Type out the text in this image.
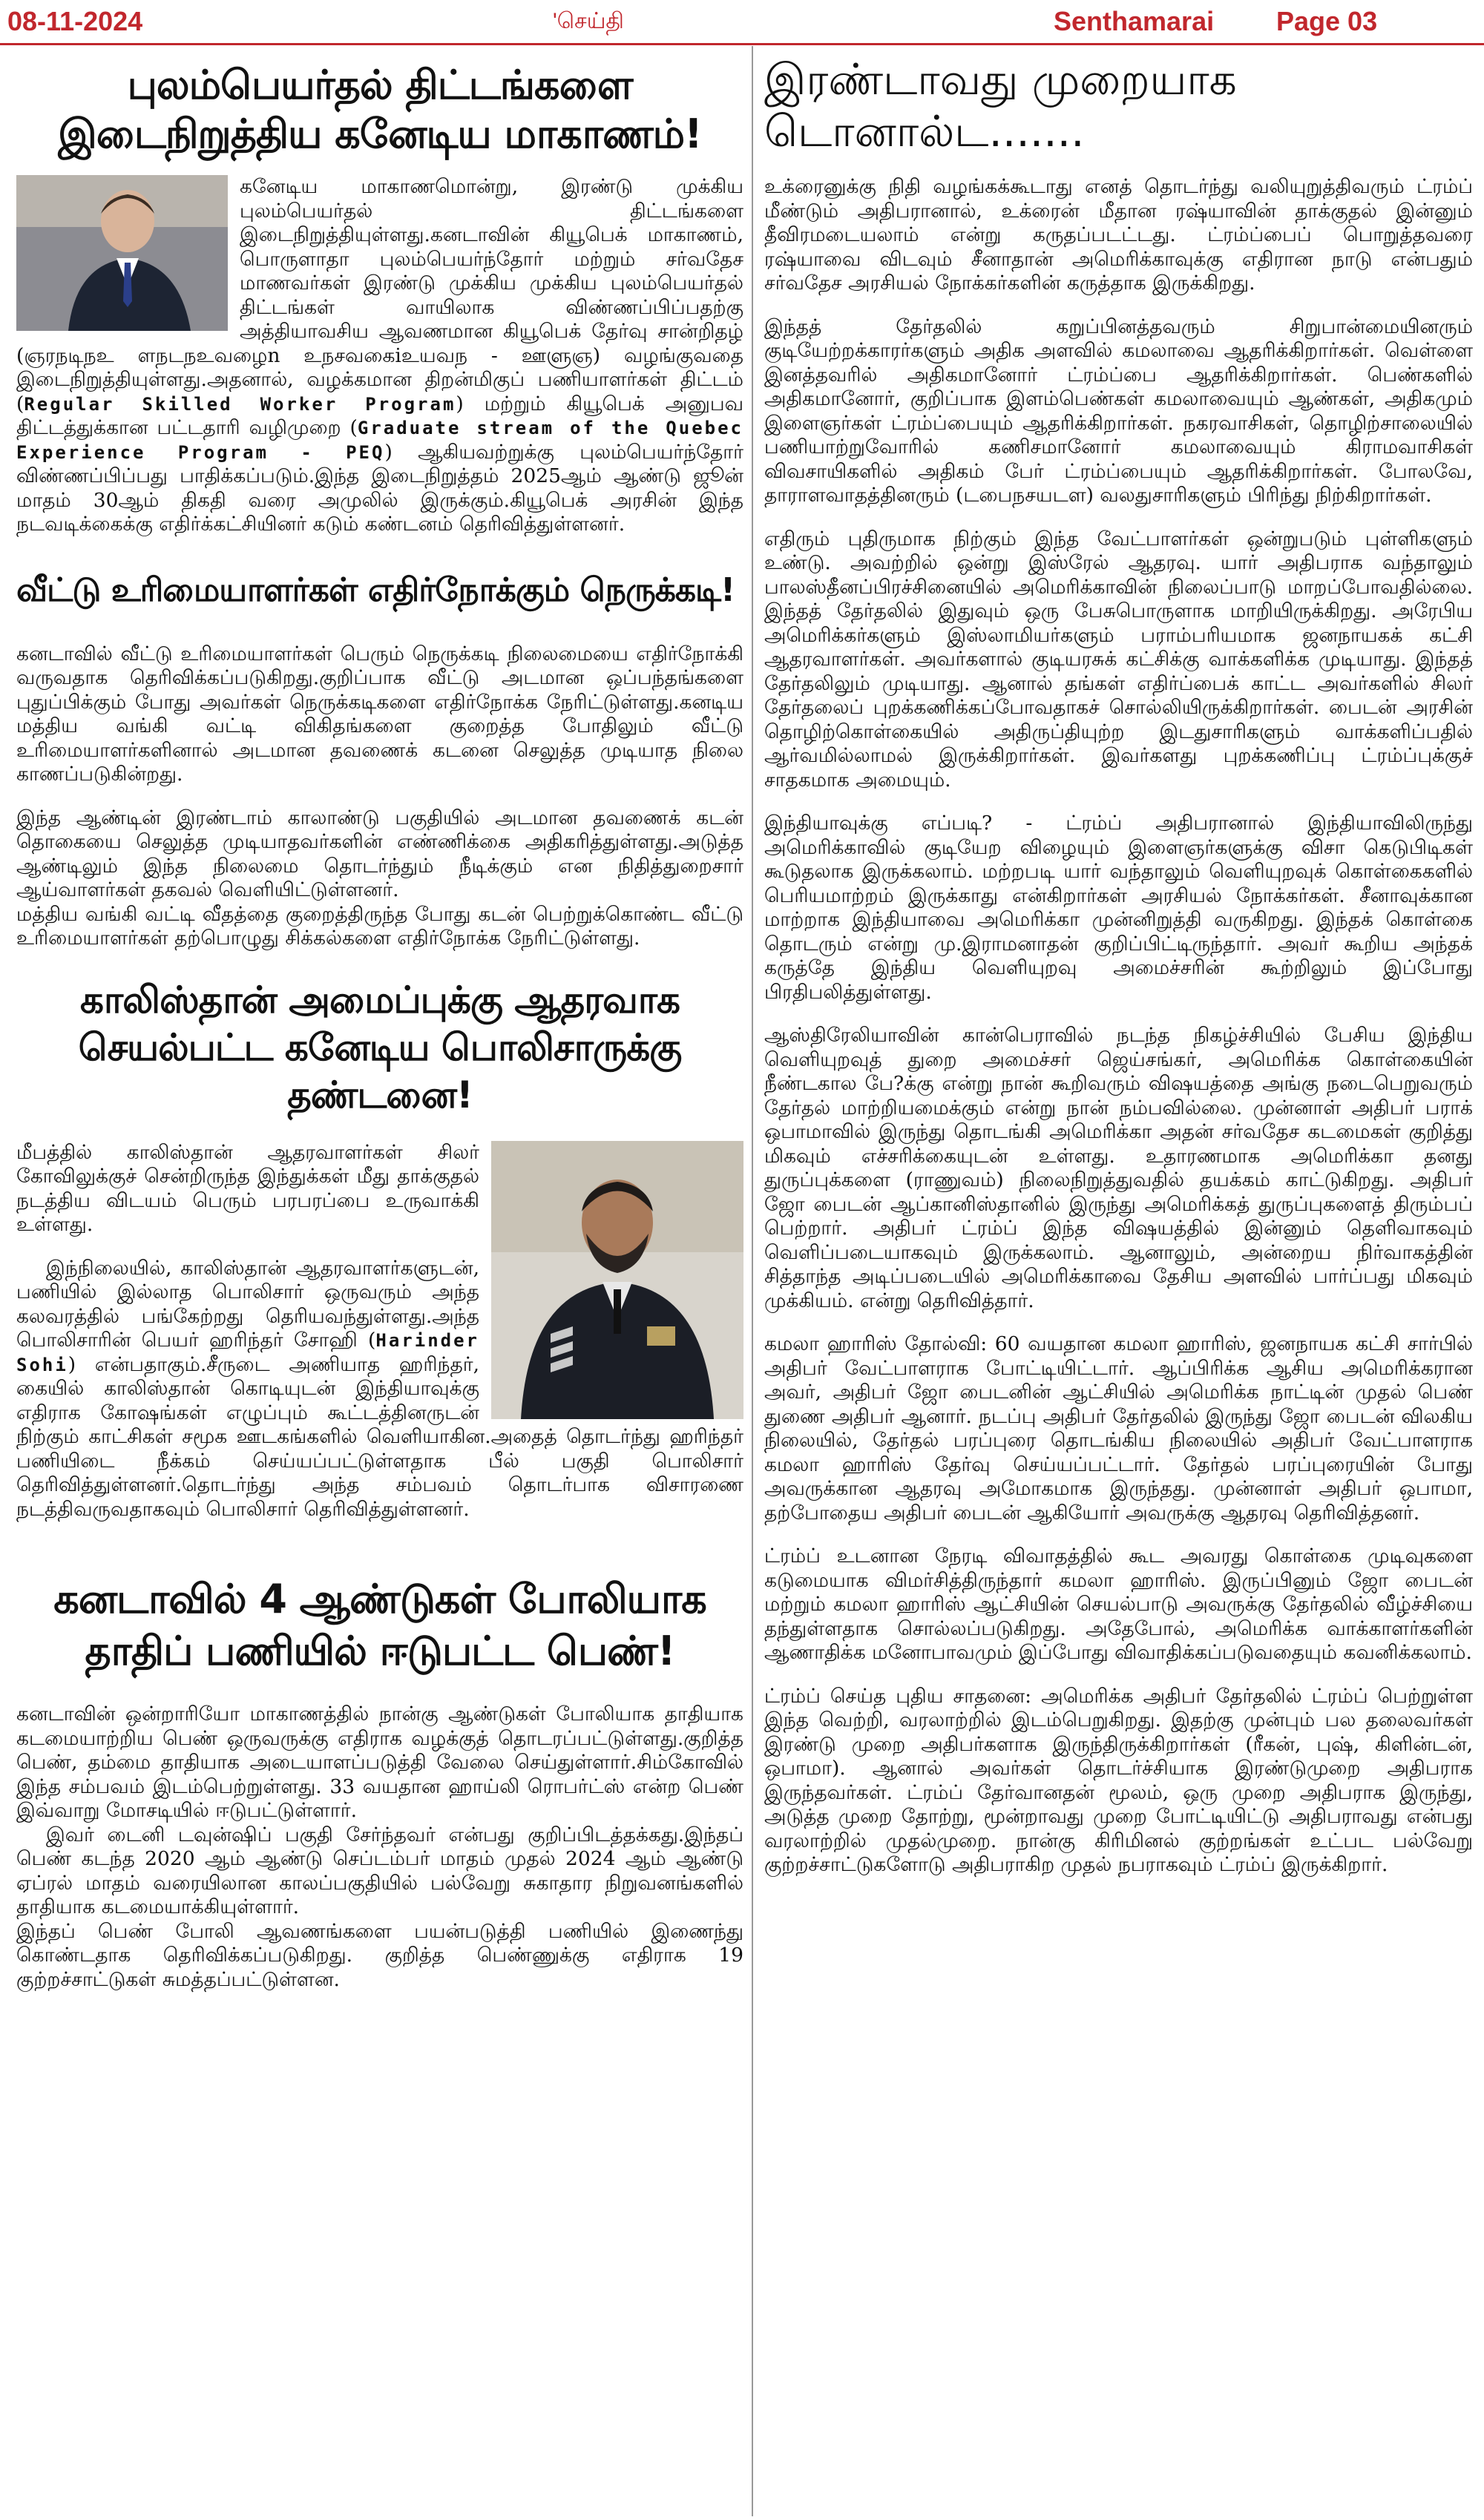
08-11-2024	'செய்தி	Senthamarai Page 03
புலம்பெயர்தல் திட்டங்களை
இடைநிறுத்திய கனேடிய மாகாணம்!

கனேடிய மாகாணமொன்று, இரண்டு முக்கிய புலம்பெயர்தல் திட்டங்களை இடைநிறுத்தியுள்ளது.கனடாவின் கியூபெக் மாகாணம், பொருளாதா புலம்பெயர்ந்தோர் மற்றும் சர்வதேச மாணவர்கள் இரண்டு முக்கிய முக்கிய புலம்பெயர்தல் திட்டங்கள் வாயிலாக விண்ணப்பிப்பதற்கு அத்தியாவசிய ஆவணமான கியூபெக் தேர்வு சான்றிதழ் (ஞரநடிநஉ ளநடநஉவழைn உநசவகைiஉயவந - ஊளுஞ) வழங்குவதை இடைநிறுத்தியுள்ளது.அதனால், வழக்கமான திறன்மிகுப் பணியாளர்கள் திட்டம் (Regular Skilled Worker Program) மற்றும் கியூபெக் அனுபவ திட்டத்துக்கான பட்டதாரி வழிமுறை (Graduate stream of the Quebec Experience Program - PEQ) ஆகியவற்றுக்கு புலம்பெயர்ந்தோர் விண்ணப்பிப்பது பாதிக்கப்படும்.இந்த இடைநிறுத்தம் 2025ஆம் ஆண்டு ஜூன் மாதம் 30ஆம் திகதி வரை அமுலில் இருக்கும்.கியூபெக் அரசின் இந்த நடவடிக்கைக்கு எதிர்க்கட்சியினர் கடும் கண்டனம் தெரிவித்துள்ளனர்.

வீட்டு உரிமையாளர்கள் எதிர்நோக்கும் நெருக்கடி!

கனடாவில் வீட்டு உரிமையாளர்கள் பெரும் நெருக்கடி நிலைமையை எதிர்நோக்கி வருவதாக தெரிவிக்கப்படுகிறது.குறிப்பாக வீட்டு அடமான ஒப்பந்தங்களை புதுப்பிக்கும் போது அவர்கள் நெருக்கடிகளை எதிர்நோக்க நேரிட்டுள்ளது.கனடிய மத்திய வங்கி வட்டி விகிதங்களை குறைத்த போதிலும் வீட்டு உரிமையாளர்களினால் அடமான தவணைக் கடனை செலுத்த முடியாத நிலை காணப்படுகின்றது.

இந்த ஆண்டின் இரண்டாம் காலாண்டு பகுதியில் அடமான தவணைக் கடன் தொகையை செலுத்த முடியாதவர்களின் எண்ணிக்கை அதிகரித்துள்ளது.அடுத்த ஆண்டிலும் இந்த நிலைமை தொடர்ந்தும் நீடிக்கும் என நிதித்துறைசார் ஆய்வாளர்கள் தகவல் வெளியிட்டுள்ளனர்.

மத்திய வங்கி வட்டி வீதத்தை குறைத்திருந்த போது கடன் பெற்றுக்கொண்ட வீட்டு உரிமையாளர்கள் தற்பொழுது சிக்கல்களை எதிர்நோக்க நேரிட்டுள்ளது.

காலிஸ்தான் அமைப்புக்கு ஆதரவாக
செயல்பட்ட கனேடிய பொலிசாருக்கு தண்டனை!

மீபத்தில் காலிஸ்தான் ஆதரவாளர்கள் சிலர் கோவிலுக்குச் சென்றிருந்த இந்துக்கள் மீது தாக்குதல் நடத்திய விடயம் பெரும் பரபரப்பை உருவாக்கி உள்ளது.

இந்நிலையில், காலிஸ்தான் ஆதரவாளர்களுடன், பணியில் இல்லாத பொலிசார் ஒருவரும் அந்த கலவரத்தில் பங்கேற்றது தெரியவந்துள்ளது.அந்த பொலிசாரின் பெயர் ஹரிந்தர் சோஹி (Harinder Sohi) என்பதாகும்.சீருடை அணியாத ஹரிந்தர், கையில் காலிஸ்தான் கொடியுடன் இந்தியாவுக்கு எதிராக கோஷங்கள் எழுப்பும் கூட்டத்தினருடன் நிற்கும் காட்சிகள் சமூக ஊடகங்களில் வெளியாகின.அதைத் தொடர்ந்து ஹரிந்தர் பணியிடை நீக்கம் செய்யப்பட்டுள்ளதாக பீல் பகுதி பொலிசார் தெரிவித்துள்ளனர்.தொடர்ந்து அந்த சம்பவம் தொடர்பாக விசாரணை நடத்திவருவதாகவும் பொலிசார் தெரிவித்துள்ளனர்.

கனடாவில் 4 ஆண்டுகள் போலியாக
தாதிப் பணியில் ஈடுபட்ட பெண்!

கனடாவின் ஒன்றாரியோ மாகாணத்தில் நான்கு ஆண்டுகள் போலியாக தாதியாக கடமையாற்றிய பெண் ஒருவருக்கு எதிராக வழக்குத் தொடரப்பட்டுள்ளது.குறித்த பெண், தம்மை தாதியாக அடையாளப்படுத்தி வேலை செய்துள்ளார்.சிம்கோவில் இந்த சம்பவம் இடம்பெற்றுள்ளது. 33 வயதான ஹாய்லி ரொபர்ட்ஸ் என்ற பெண் இவ்வாறு மோசடியில் ஈடுபட்டுள்ளார்.

இவர் டைனி டவுன்ஷிப் பகுதி சேர்ந்தவர் என்பது குறிப்பிடத்தக்கது.இந்தப் பெண் கடந்த 2020 ஆம் ஆண்டு செப்டம்பர் மாதம் முதல் 2024 ஆம் ஆண்டு ஏப்ரல் மாதம் வரையிலான காலப்பகுதியில் பல்வேறு சுகாதார நிறுவனங்களில் தாதியாக கடமையாக்கியுள்ளார்.

இந்தப் பெண் போலி ஆவணங்களை பயன்படுத்தி பணியில் இணைந்து கொண்டதாக தெரிவிக்கப்படுகிறது. குறித்த பெண்ணுக்கு எதிராக 19 குற்றச்சாட்டுகள் சுமத்தப்பட்டுள்ளன.

இரண்டாவது முறையாக டொனால்ட.......

உக்ரைனுக்கு நிதி வழங்கக்கூடாது எனத் தொடர்ந்து வலியுறுத்திவரும் ட்ரம்ப் மீண்டும் அதிபரானால், உக்ரைன் மீதான ரஷ்யாவின் தாக்குதல் இன்னும் தீவிரமடையலாம் என்று கருதப்படட்டது. ட்ரம்ப்பைப் பொறுத்தவரை ரஷ்யாவை விடவும் சீனாதான் அமெரிக்காவுக்கு எதிரான நாடு என்பதும் சர்வதேச அரசியல் நோக்கர்களின் கருத்தாக இருக்கிறது.

இந்தத் தேர்தலில் கறுப்பினத்தவரும் சிறுபான்மையினரும் குடியேற்றக்காரர்களும் அதிக அளவில் கமலாவை ஆதரிக்கிறார்கள். வெள்ளை இனத்தவரில் அதிகமானோர் ட்ரம்ப்பை ஆதரிக்கிறார்கள். பெண்களில் அதிகமானோர், குறிப்பாக இளம்பெண்கள் கமலாவையும் ஆண்கள், அதிகமும் இளைஞர்கள் ட்ரம்ப்பையும் ஆதரிக்கிறார்கள். நகரவாசிகள், தொழிற்சாலையில் பணியாற்றுவோரில் கணிசமானோர் கமலாவையும் கிராமவாசிகள் விவசாயிகளில் அதிகம் பேர் ட்ரம்ப்பையும் ஆதரிக்கிறார்கள். போலவே, தாராளவாதத்தினரும் (டபைநசயடள) வலதுசாரிகளும் பிரிந்து நிற்கிறார்கள்.

எதிரும் புதிருமாக நிற்கும் இந்த வேட்பாளர்கள் ஒன்றுபடும் புள்ளிகளும் உண்டு. அவற்றில் ஒன்று இஸ்ரேல் ஆதரவு. யார் அதிபராக வந்தாலும் பாலஸ்தீனப்பிரச்சினையில் அமெரிக்காவின் நிலைப்பாடு மாறப்போவதில்லை. இந்தத் தேர்தலில் இதுவும் ஒரு பேசுபொருளாக மாறியிருக்கிறது. அரேபிய அமெரிக்கர்களும் இஸ்லாமியர்களும் பராம்பரியமாக ஜனநாயகக் கட்சி ஆதரவாளர்கள். அவர்களால் குடியரசுக் கட்சிக்கு வாக்களிக்க முடியாது. இந்தத் தேர்தலிலும் முடியாது. ஆனால் தங்கள் எதிர்ப்பைக் காட்ட அவர்களில் சிலர் தேர்தலைப் புறக்கணிக்கப்போவதாகச் சொல்லியிருக்கிறார்கள். பைடன் அரசின் தொழிற்கொள்கையில் அதிருப்தியுற்ற இடதுசாரிகளும் வாக்களிப்பதில் ஆர்வமில்லாமல் இருக்கிறார்கள். இவர்களது புறக்கணிப்பு ட்ரம்ப்புக்குச் சாதகமாக அமையும்.

இந்தியாவுக்கு எப்படி? - ட்ரம்ப் அதிபரானால் இந்தியாவிலிருந்து அமெரிக்காவில் குடியேற விழையும் இளைஞர்களுக்கு விசா கெடுபிடிகள் கூடுதலாக இருக்கலாம். மற்றபடி யார் வந்தாலும் வெளியுறவுக் கொள்கைகளில் பெரியமாற்றம் இருக்காது என்கிறார்கள் அரசியல் நோக்கர்கள். சீனாவுக்கான மாற்றாக இந்தியாவை அமெரிக்கா முன்னிறுத்தி வருகிறது. இந்தக் கொள்கை தொடரும் என்று மு.இராமனாதன் குறிப்பிட்டிருந்தார். அவர் கூறிய அந்தக் கருத்தே இந்திய வெளியுறவு அமைச்சரின் கூற்றிலும் இப்போது பிரதிபலித்துள்ளது.

ஆஸ்திரேலியாவின் கான்பெராவில் நடந்த நிகழ்ச்சியில் பேசிய இந்திய வெளியுறவுத் துறை அமைச்சர் ஜெய்சங்கர், அமெரிக்க கொள்கையின் நீண்டகால பே?க்கு என்று நான் கூறிவரும் விஷயத்தை அங்கு நடைபெறுவரும் தேர்தல் மாற்றியமைக்கும் என்று நான் நம்பவில்லை. முன்னாள் அதிபர் பராக் ஒபாமாவில் இருந்து தொடங்கி அமெரிக்கா அதன் சர்வதேச கடமைகள் குறித்து மிகவும் எச்சரிக்கையுடன் உள்ளது. உதாரணமாக அமெரிக்கா தனது துருப்புக்களை (ராணுவம்) நிலைநிறுத்துவதில் தயக்கம் காட்டுகிறது. அதிபர் ஜோ பைடன் ஆப்கானிஸ்தானில் இருந்து அமெரிக்கத் துருப்புகளைத் திரும்பப் பெற்றார். அதிபர் ட்ரம்ப் இந்த விஷயத்தில் இன்னும் தெளிவாகவும் வெளிப்படையாகவும் இருக்கலாம். ஆனாலும், அன்றைய நிர்வாகத்தின் சித்தாந்த அடிப்படையில் அமெரிக்காவை தேசிய அளவில் பார்ப்பது மிகவும் முக்கியம். என்று தெரிவித்தார்.

கமலா ஹாரிஸ் தோல்வி: 60 வயதான கமலா ஹாரிஸ், ஜனநாயக கட்சி சார்பில் அதிபர் வேட்பாளராக போட்டியிட்டார். ஆப்பிரிக்க ஆசிய அமெரிக்கரான அவர், அதிபர் ஜோ பைடனின் ஆட்சியில் அமெரிக்க நாட்டின் முதல் பெண் துணை அதிபர் ஆனார். நடப்பு அதிபர் தேர்தலில் இருந்து ஜோ பைடன் விலகிய நிலையில், தேர்தல் பரப்புரை தொடங்கிய நிலையில் அதிபர் வேட்பாளராக கமலா ஹாரிஸ் தேர்வு செய்யப்பட்டார். தேர்தல் பரப்புரையின் போது அவருக்கான ஆதரவு அமோகமாக இருந்தது. முன்னாள் அதிபர் ஒபாமா, தற்போதைய அதிபர் பைடன் ஆகியோர் அவருக்கு ஆதரவு தெரிவித்தனர்.

ட்ரம்ப் உடனான நேரடி விவாதத்தில் கூட அவரது கொள்கை முடிவுகளை கடுமையாக விமர்சித்திருந்தார் கமலா ஹாரிஸ். இருப்பினும் ஜோ பைடன் மற்றும் கமலா ஹாரிஸ் ஆட்சியின் செயல்பாடு அவருக்கு தேர்தலில் வீழ்ச்சியை தந்துள்ளதாக சொல்லப்படுகிறது. அதேபோல், அமெரிக்க வாக்காளர்களின் ஆணாதிக்க மனோபாவமும் இப்போது விவாதிக்கப்படுவதையும் கவனிக்கலாம்.

ட்ரம்ப் செய்த புதிய சாதனை: அமெரிக்க அதிபர் தேர்தலில் ட்ரம்ப் பெற்றுள்ள இந்த வெற்றி, வரலாற்றில் இடம்பெறுகிறது. இதற்கு முன்பும் பல தலைவர்கள் இரண்டு முறை அதிபர்களாக இருந்திருக்கிறார்கள் (ரீகன், புஷ், கிளின்டன், ஒபாமா). ஆனால் அவர்கள் தொடர்ச்சியாக இரண்டுமுறை அதிபராக இருந்தவர்கள். ட்ரம்ப் தேர்வானதன் மூலம், ஒரு முறை அதிபராக இருந்து, அடுத்த முறை தோற்று, மூன்றாவது முறை போட்டியிட்டு அதிபராவது என்பது வரலாற்றில் முதல்முறை. நான்கு கிரிமினல் குற்றங்கள் உட்பட பல்வேறு குற்றச்சாட்டுகளோடு அதிபராகிற முதல் நபராகவும் ட்ரம்ப் இருக்கிறார்.
